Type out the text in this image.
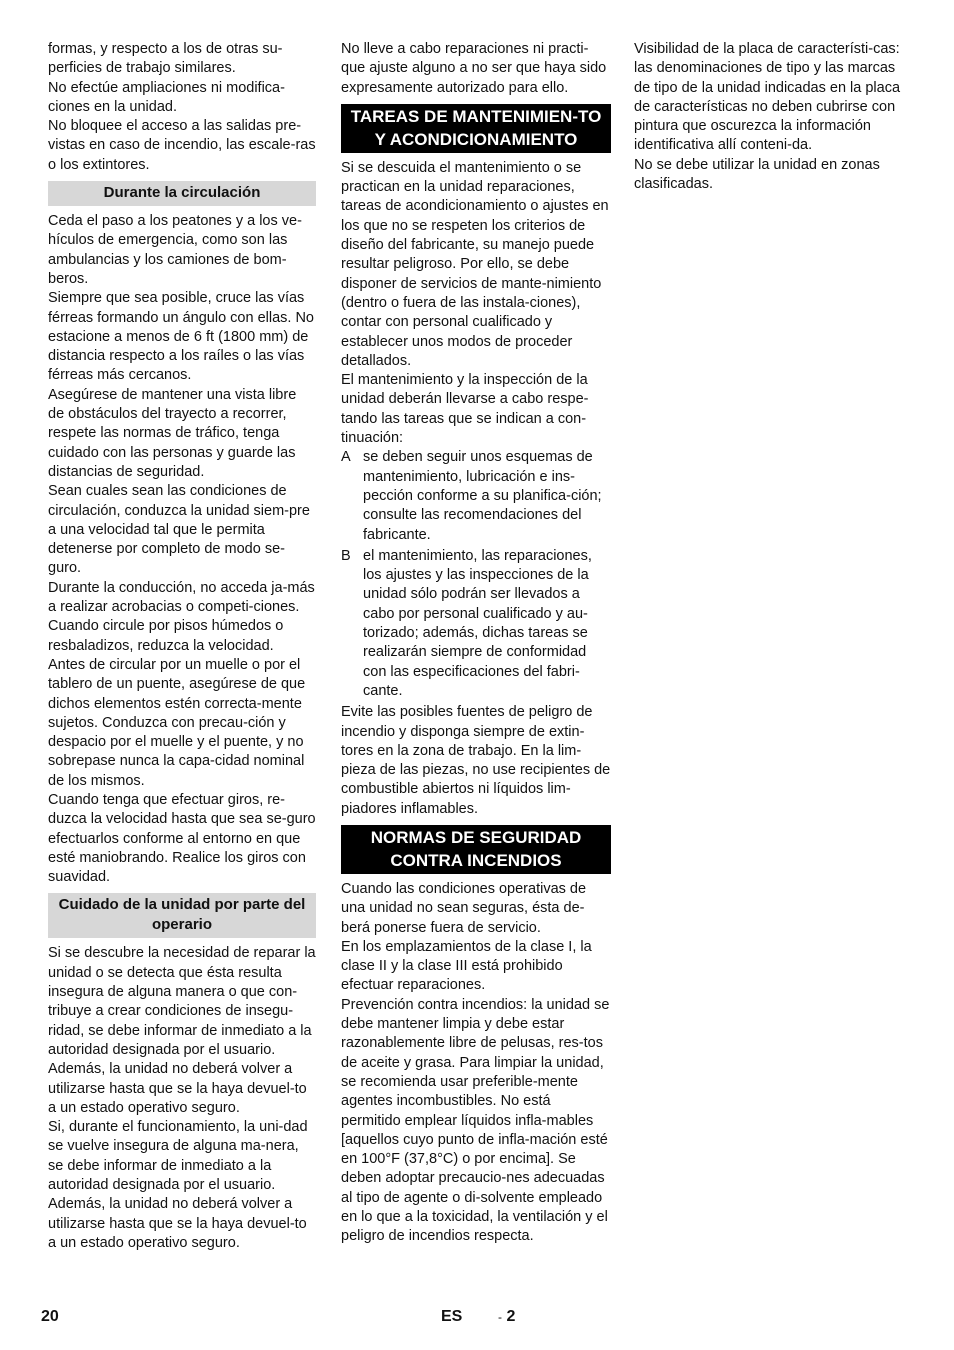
formas, y respecto a los de otras su-perficies de trabajo similares.

No efectúe ampliaciones ni modifica-ciones en la unidad.

No bloquee el acceso a las salidas pre-vistas en caso de incendio, las escale-ras o los extintores.

Durante la circulación

Ceda el paso a los peatones y a los ve-hículos de emergencia, como son las ambulancias y los camiones de bom-beros.

Siempre que sea posible, cruce las vías férreas formando un ángulo con ellas. No estacione a menos de 6 ft (1800 mm) de distancia respecto a los raíles o las vías férreas más cercanos.

Asegúrese de mantener una vista libre de obstáculos del trayecto a recorrer, respete las normas de tráfico, tenga cuidado con las personas y guarde las distancias de seguridad.

Sean cuales sean las condiciones de circulación, conduzca la unidad siem-pre a una velocidad tal que le permita detenerse por completo de modo se-guro.

Durante la conducción, no acceda ja-más a realizar acrobacias o competi-ciones.

Cuando circule por pisos húmedos o resbaladizos, reduzca la velocidad.

Antes de circular por un muelle o por el tablero de un puente, asegúrese de que dichos elementos estén correcta-mente sujetos. Conduzca con precau-ción y despacio por el muelle y el puente, y no sobrepase nunca la capa-cidad nominal de los mismos.

Cuando tenga que efectuar giros, re-duzca la velocidad hasta que sea se-guro efectuarlos conforme al entorno en que esté maniobrando. Realice los giros con suavidad.

Cuidado de la unidad por parte del operario

Si se descubre la necesidad de reparar la unidad o se detecta que ésta resulta insegura de alguna manera o que con-tribuye a crear condiciones de insegu-ridad, se debe informar de inmediato a la autoridad designada por el usuario. Además, la unidad no deberá volver a utilizarse hasta que se la haya devuel-to a un estado operativo seguro.

Si, durante el funcionamiento, la uni-dad se vuelve insegura de alguna ma-nera, se debe informar de inmediato a la autoridad designada por el usuario. Además, la unidad no deberá volver a utilizarse hasta que se la haya devuel-to a un estado operativo seguro.

No lleve a cabo reparaciones ni practi-que ajuste alguno a no ser que haya sido expresamente autorizado para ello.

TAREAS DE MANTENIMIEN-TO Y ACONDICIONAMIENTO

Si se descuida el mantenimiento o se practican en la unidad reparaciones, tareas de acondicionamiento o ajustes en los que no se respeten los criterios de diseño del fabricante, su manejo puede resultar peligroso. Por ello, se debe disponer de servicios de mante-nimiento (dentro o fuera de las instala-ciones), contar con personal cualificado y establecer unos modos de proceder detallados.

El mantenimiento y la inspección de la unidad deberán llevarse a cabo respe-tando las tareas que se indican a con-tinuación:

A se deben seguir unos esquemas de mantenimiento, lubricación e ins-pección conforme a su planifica-ción; consulte las recomendaciones del fabricante.
B el mantenimiento, las reparaciones, los ajustes y las inspecciones de la unidad sólo podrán ser llevados a cabo por personal cualificado y au-torizado; además, dichas tareas se realizarán siempre de conformidad con las especificaciones del fabri-cante.

Evite las posibles fuentes de peligro de incendio y disponga siempre de extin-tores en la zona de trabajo. En la lim-pieza de las piezas, no use recipientes de combustible abiertos ni líquidos lim-piadores inflamables.

NORMAS DE SEGURIDAD CONTRA INCENDIOS

Cuando las condiciones operativas de una unidad no sean seguras, ésta de-berá ponerse fuera de servicio.

En los emplazamientos de la clase I, la clase II y la clase III está prohibido efectuar reparaciones.

Prevención contra incendios: la unidad se debe mantener limpia y debe estar razonablemente libre de pelusas, res-tos de aceite y grasa. Para limpiar la unidad, se recomienda usar preferible-mente agentes incombustibles. No está permitido emplear líquidos infla-mables [aquellos cuyo punto de infla-mación esté en 100°F (37,8°C) o por encima]. Se deben adoptar precaucio-nes adecuadas al tipo de agente o di-solvente empleado en lo que a la toxicidad, la ventilación y el peligro de incendios respecta.

Visibilidad de la placa de característi-cas: las denominaciones de tipo y las marcas de tipo de la unidad indicadas en la placa de características no deben cubrirse con pintura que oscurezca la información identificativa allí conteni-da.

No se debe utilizar la unidad en zonas clasificadas.

20	ES	- 2
